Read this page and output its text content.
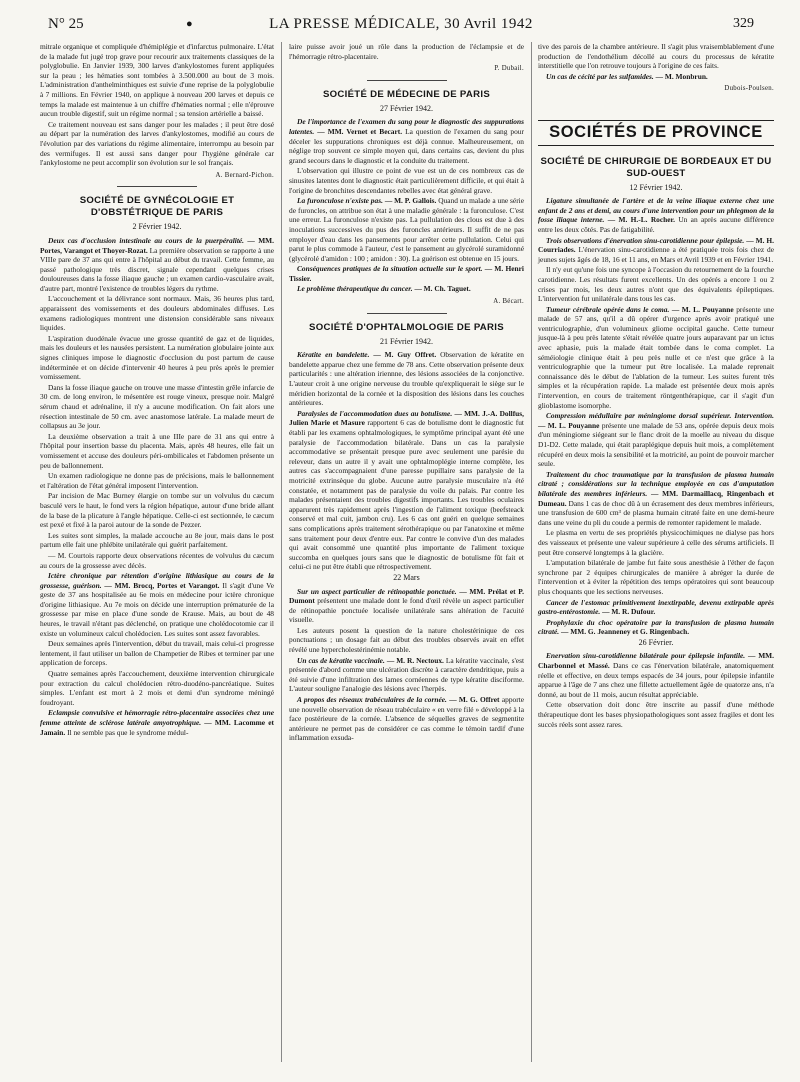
N° 25	●	LA PRESSE MÉDICALE, 30 Avril 1942	329

mitrale organique et compliquée d'hémiplégie et d'infarctus pulmonaire. L'état de la malade fut jugé trop grave pour recourir aux traitements classiques de la polyglobulie. En Janvier 1939, 300 larves d'ankylostomes furent appliquées sur la peau ; les hématies sont tombées à 3.500.000 au bout de 3 mois. L'administration d'anthelminthiques est suivie d'une reprise de la polyglobulie à 7 millions. En Février 1940, on applique à nouveau 200 larves et depuis ce temps la malade est maintenue à un chiffre d'hématies normal ; elle n'éprouve aucun trouble digestif, suit un régime normal ; sa tension artérielle a baissé.

Ce traitement nouveau est sans danger pour les malades ; il peut être dosé au départ par la numération des larves d'ankylostomes, modifié au cours de l'évolution par des variations du régime alimentaire, interrompu au besoin par des vermifuges. Il est aussi sans danger pour l'hygiène générale car l'ankylostome ne peut accomplir son évolution sur le sol français.

A. Bernard-Pichon.
SOCIÉTÉ DE GYNÉCOLOGIE ET D'OBSTÉTRIQUE DE PARIS
2 Février 1942.

Deux cas d'occlusion intestinale au cours de la puerpéralité. — MM. Portes, Varangot et Thoyer-Rozat. La première observation se rapporte à une VIIIe pare de 37 ans qui entre à l'hôpital au début du travail. Cette femme, au passé pathologique très discret, signale cependant quelques crises douloureuses dans la fosse iliaque gauche ; un examen cardio-vasculaire avait, d'autre part, montré l'existence de troubles légers du rythme.

L'accouchement et la délivrance sont normaux. Mais, 36 heures plus tard, apparaissent des vomissements et des douleurs abdominales diffuses. Les examens radiologiques montrent une distension considérable sans niveaux liquides.

L'aspiration duodénale évacue une grosse quantité de gaz et de liquides, mais les douleurs et les nausées persistent. La numération globulaire jointe aux signes cliniques impose le diagnostic d'occlusion du post partum de cause indéterminée et on décide d'intervenir 40 heures à peu près après le premier vomissement.

Dans la fosse iliaque gauche on trouve une masse d'intestin grêle infarcie de 30 cm. de long environ, le mésentère est rouge vineux, presque noir. Malgré sérum chaud et adrénaline, il n'y a aucune modification. On fait alors une résection intestinale de 50 cm. avec anastomose latérale. La malade meurt de collapsus au 3e jour.

La deuxième observation a trait à une IIIe pare de 31 ans qui entre à l'hôpital pour insertion basse du placenta. Mais, après 48 heures, elle fait un vomissement et accuse des douleurs péri-ombilicales et l'abdomen présente un peu de ballonnement.

Un examen radiologique ne donne pas de précisions, mais le ballonnement et l'altération de l'état général imposent l'intervention.

Par incision de Mac Burney élargie on tombe sur un volvulus du cæcum basculé vers le haut, le fond vers la région hépatique, autour d'une bride allant de la base de la plicature à l'angle hépatique. Celle-ci est sectionnée, le cæcum est pexé et fixé à la paroi autour de la sonde de Pezzer.

Les suites sont simples, la malade accouche au 8e jour, mais dans le post partum elle fait une phlébite unilatérale qui guérit parfaitement.

— M. Courtois rapporte deux observations récentes de volvulus du cæcum au cours de la grossesse avec décès.

Ictère chronique par rétention d'origine lithiasique au cours de la grossesse, guérison. — MM. Brocq, Portes et Varangot. Il s'agit d'une Ve geste de 37 ans hospitalisée au 6e mois en médecine pour ictère chronique d'origine lithiasique. Au 7e mois on décide une interruption prématurée de la grossesse par mise en place d'une sonde de Krause. Mais, au bout de 48 heures, le travail n'étant pas déclenché, on pratique une cholédocotomie car il existe un volumineux calcul cholédocien. Les suites sont assez favorables.

Deux semaines après l'intervention, début du travail, mais celui-ci progresse lentement, il faut utiliser un ballon de Champetier de Ribes et terminer par une application de forceps.

Quatre semaines après l'accouchement, deuxième intervention chirurgicale pour extraction du calcul cholédocien rétro-duodéno-pancréatique. Suites simples. L'enfant est mort à 2 mois et demi d'un syndrome méningé foudroyant.

Eclampsie convulsive et hémorragie rétro-placentaire associées chez une femme atteinte de sclérose latérale amyotrophique. — MM. Lacomme et Jamain. Il ne semble pas que le syndrome médul-

laire puisse avoir joué un rôle dans la production de l'éclampsie et de l'hémorragie rétro-placentaire.

P. Dubail.
SOCIÉTÉ DE MÉDECINE DE PARIS
27 Février 1942.

De l'importance de l'examen du sang pour le diagnostic des suppurations latentes. — MM. Vernet et Becart. La question de l'examen du sang pour déceler les suppurations chroniques est déjà connue. Malheureusement, on néglige trop souvent ce simple moyen qui, dans certains cas, devient du plus grand secours dans le diagnostic et la conduite du traitement.

L'observation qui illustre ce point de vue est un de ces nombreux cas de sinusites latentes dont le diagnostic était particulièrement difficile, et qui était à l'origine de bronchites descendantes rebelles avec état général grave.

La furonculose n'existe pas. — M. P. Gallois. Quand un malade a une série de furoncles, on attribue son état à une maladie générale : la furonculose. C'est une erreur. La furonculose n'existe pas. La pullulation des clous est due à des inoculations successives du pus des furoncles antérieurs. Il suffit de ne pas employer d'eau dans les pansements pour arrêter cette pullulation. Celui qui parut le plus commode à l'auteur, c'est le pansement au glycérolé suramidonné (glycérolé d'amidon : 100 ; amidon : 30). La guérison est obtenue en 15 jours.

Conséquences pratiques de la situation actuelle sur le sport. — M. Henri Tissier.

Le problème thérapeutique du cancer. — M. Ch. Taguet.

A. Bécart.
SOCIÉTÉ D'OPHTALMOLOGIE DE PARIS
21 Février 1942.

Kératite en bandelette. — M. Guy Offret. Observation de kératite en bandelette apparue chez une femme de 78 ans. Cette observation présente deux particularités : une altération iriennne, des lésions associées de la conjonctive. L'auteur croit à une origine nerveuse du trouble qu'expliquerait le siège sur le méridien horizontal de la cornée et la disposition des lésions dans les couches antérieures.

Paralysies de l'accommodation dues au botulisme. — MM. J.-A. Dollfus, Julien Marie et Masure rapportent 6 cas de botulisme dont le diagnostic fut établi par les examens ophtalmologiques, le symptôme principal ayant été une paralysie de l'accommodation bilatérale. Dans un cas la paralysie accommodative se présentait presque pure avec seulement une parésie du releveur, dans un autre il y avait une ophtalmoplégie interne complète, les autres cas s'accompagnaient d'une paresse pupillaire sans paralysie de la motricité extrinsèque du globe. Aucune autre paralysie musculaire n'a été constatée, et notamment pas de paralysie du voile du palais. Par contre les malades présentaient des troubles digestifs importants. Les troubles oculaires apparurent très rapidement après l'ingestion de l'aliment toxique (beefsteack conservé et mal cuit, jambon cru). Les 6 cas ont guéri en quelque semaines sans complications après traitement sérothérapique ou par l'anatoxine et même sans traitement pour deux d'entre eux. Par contre le convive d'un des malades qui avait consommé une quantité plus importante de l'aliment toxique succomba en quelques jours sans que le diagnostic de botulisme fût fait et celui-ci ne put être établi que rétrospectivement.

22 Mars

Sur un aspect particulier de rétinopathie ponctuée. — MM. Prélat et P. Dumont présentent une malade dont le fond d'œil révèle un aspect particulier de rétinopathie ponctuée localisée unilatérale sans altération de l'acuité visuelle.

Les auteurs posent la question de la nature cholestérinique de ces ponctuations ; un dosage fait au début des troubles observés avait en effet révélé une hypercholestérinémie notable.

Un cas de kératite vaccinale. — M. R. Nectoux. La kératite vaccinale, s'est présentée d'abord comme une ulcération discrète à caractère dendritique, puis a été suivie d'une infiltration des lames cornéennes de type kératite disciforme. L'auteur souligne l'analogie des lésions avec l'herpès.

A propos des réseaux trabéculaires de la cornée. — M. G. Offret apporte une nouvelle observation de réseau trabéculaire « en verre filé » développé à la face postérieure de la cornée. L'absence de séquelles graves de segmentite antérieure ne permet pas de considérer ce cas comme le témoin tardif d'une inflammation exsuda-

tive des parois de la chambre antérieure. Il s'agit plus vraisemblablement d'une production de l'endothélium décollé au cours du processus de kératite interstitielle que l'on retrouve toujours à l'origine de ces faits.

Un cas de cécité par les sulfamides. — M. Monbrun.

Dubois-Poulsen.
SOCIÉTÉS DE PROVINCE
SOCIÉTÉ DE CHIRURGIE DE BORDEAUX ET DU SUD-OUEST
12 Février 1942.

Ligature simultanée de l'artère et de la veine iliaque externe chez une enfant de 2 ans et demi, au cours d'une intervention pour un phlegmon de la fosse iliaque interne. — M. H.-L. Rocher. Un an après aucune différence entre les deux côtés. Pas de fatigabilité.

Trois observations d'énervation sinu-carotidienne pour épilepsie. — M. H. Courriades. L'énervation sinu-carotidienne a été pratiquée trois fois chez de jeunes sujets âgés de 18, 16 et 11 ans, en Mars et Avril 1939 et en Février 1941.

Il n'y eut qu'une fois une syncope à l'occasion du retournement de la fourche carotidienne. Les résultats furent excellents. Un des opérés a encore 1 ou 2 crises par mois, les deux autres n'ont que des équivalents épileptiques. L'intervention fut unilatérale dans tous les cas.

Tumeur cérébrale opérée dans le coma. — M. L. Pouyanne présente une malade de 57 ans, qu'il a dû opérer d'urgence après avoir pratiqué une ventriculographie, d'un volumineux gliome occipital gauche. Cette tumeur jusque-là à peu près latente s'était révélée quatre jours auparavant par un ictus avec aphasie, puis la malade était tombée dans le coma complet. La séméiologie clinique était à peu près nulle et ce n'est que grâce à la ventriculographie que la tumeur put être localisée. La malade reprenait connaissance dès le début de l'ablation de la tumeur. Les suites furent très simples et la récupération rapide. La malade est présentée deux mois après l'intervention, en cours de traitement röntgenthérapique, car il s'agit d'un glioblastome isomorphe.

Compression médullaire par méningiome dorsal supérieur. Intervention. — M. L. Pouyanne présente une malade de 53 ans, opérée depuis deux mois d'un méningiome siégeant sur le flanc droit de la moelle au niveau du disque D1-D2. Cette malade, qui était paraplégique depuis huit mois, a complètement récupéré en deux mois la sensibilité et la motricité, au point de pouvoir marcher seule.

Traitement du choc traumatique par la transfusion de plasma humain citraté ; considérations sur la technique employée en cas d'amputation bilatérale des membres inférieurs. — MM. Darmaillacq, Ringenbach et Dumeau. Dans 1 cas de choc dû à un écrasement des deux membres inférieurs, une transfusion de 600 cm³ de plasma humain citraté faite en une demi-heure dans une veine du pli du coude a permis de remonter rapidement le malade.

Le plasma en vertu de ses propriétés physicochimiques ne dialyse pas hors des vaisseaux et présente une valeur supérieure à celle des sérums artificiels. Il peut être conservé longtemps à la glacière.

L'amputation bilatérale de jambe fut faite sous anesthésie à l'éther de façon synchrone par 2 équipes chirurgicales de manière à abréger la durée de l'intervention et à éviter la répétition des temps opératoires qui sont beaucoup plus choquants que les sections nerveuses.

Cancer de l'estomac primitivement inextirpable, devenu extirpable après gastro-entérostomie. — M. R. Dufour.

Prophylaxie du choc opératoire par la transfusion de plasma humain citraté. — MM. G. Jeanneney et G. Ringenbach.

26 Février.

Enervation sinu-carotidienne bilatérale pour épilepsie infantile. — MM. Charbonnel et Massé. Dans ce cas l'énervation bilatérale, anatomiquement réelle et effective, en deux temps espacés de 34 jours, pour épilepsie infantile apparue à l'âge de 7 ans chez une fillette actuellement âgée de quatorze ans, n'a donné, au bout de 11 mois, aucun résultat appréciable.

Cette observation doit donc être inscrite au passif d'une méthode thérapeutique dont les bases physiopathologiques sont assez fragiles et dont les succès réels sont assez rares.
